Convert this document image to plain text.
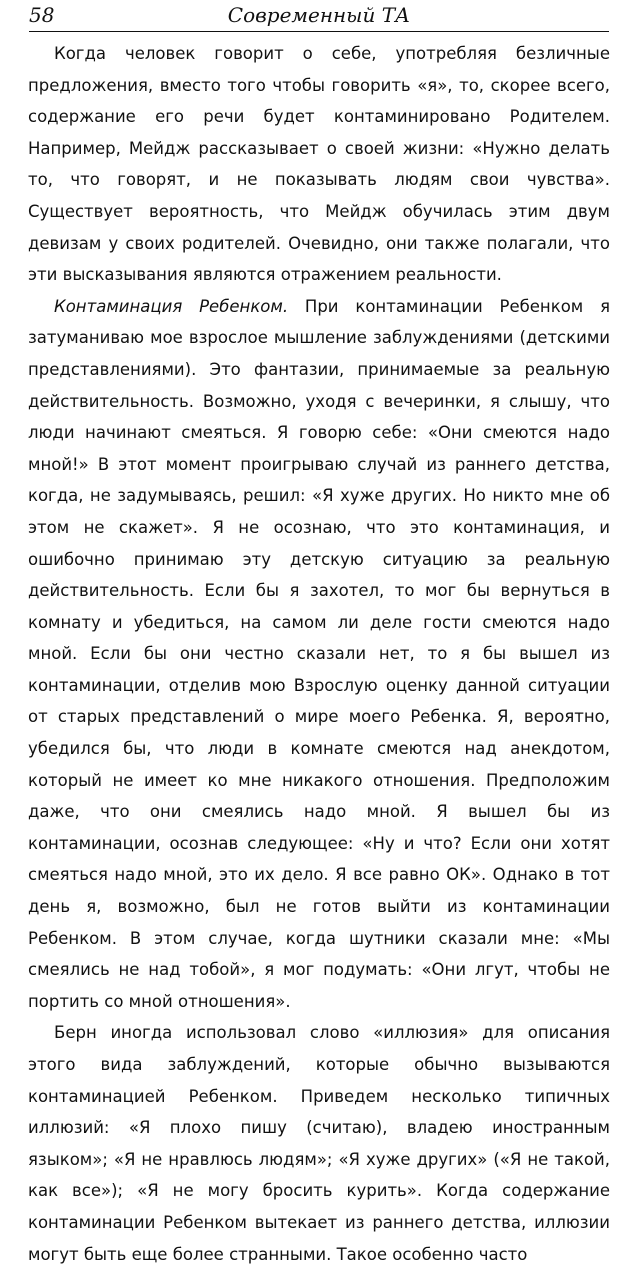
58	Современный ТА

Когда человек говорит о себе, употребляя безличные предложения, вместо того чтобы говорить «я», то, скорее всего, содержание его речи будет контаминировано Родителем. Например, Мейдж рассказывает о своей жизни: «Нужно делать то, что говорят, и не показывать людям свои чувства». Существует вероятность, что Мейдж обучилась этим двум девизам у своих родителей. Очевидно, они также полагали, что эти высказывания являются отражением реальности.

Контаминация Ребенком. При контаминации Ребенком я затуманиваю мое взрослое мышление заблуждениями (детскими представлениями). Это фантазии, принимаемые за реальную действительность. Возможно, уходя с вечеринки, я слышу, что люди начинают смеяться. Я говорю себе: «Они смеются надо мной!» В этот момент проигрываю случай из раннего детства, когда, не задумываясь, решил: «Я хуже других. Но никто мне об этом не скажет». Я не осознаю, что это контаминация, и ошибочно принимаю эту детскую ситуацию за реальную действительность. Если бы я захотел, то мог бы вернуться в комнату и убедиться, на самом ли деле гости смеются надо мной. Если бы они честно сказали нет, то я бы вышел из контаминации, отделив мою Взрослую оценку данной ситуации от старых представлений о мире моего Ребенка. Я, вероятно, убедился бы, что люди в комнате смеются над анекдотом, который не имеет ко мне никакого отношения. Предположим даже, что они смеялись надо мной. Я вышел бы из контаминации, осознав следующее: «Ну и что? Если они хотят смеяться надо мной, это их дело. Я все равно ОК». Однако в тот день я, возможно, был не готов выйти из контаминации Ребенком. В этом случае, когда шутники сказали мне: «Мы смеялись не над тобой», я мог подумать: «Они лгут, чтобы не портить со мной отношения».

Берн иногда использовал слово «иллюзия» для описания этого вида заблуждений, которые обычно вызываются контаминацией Ребенком. Приведем несколько типичных иллюзий: «Я плохо пишу (считаю), владею иностранным языком»; «Я не нравлюсь людям»; «Я хуже других» («Я не такой, как все»); «Я не могу бросить курить». Когда содержание контаминации Ребенком вытекает из раннего детства, иллюзии могут быть еще более странными. Такое особенно часто
